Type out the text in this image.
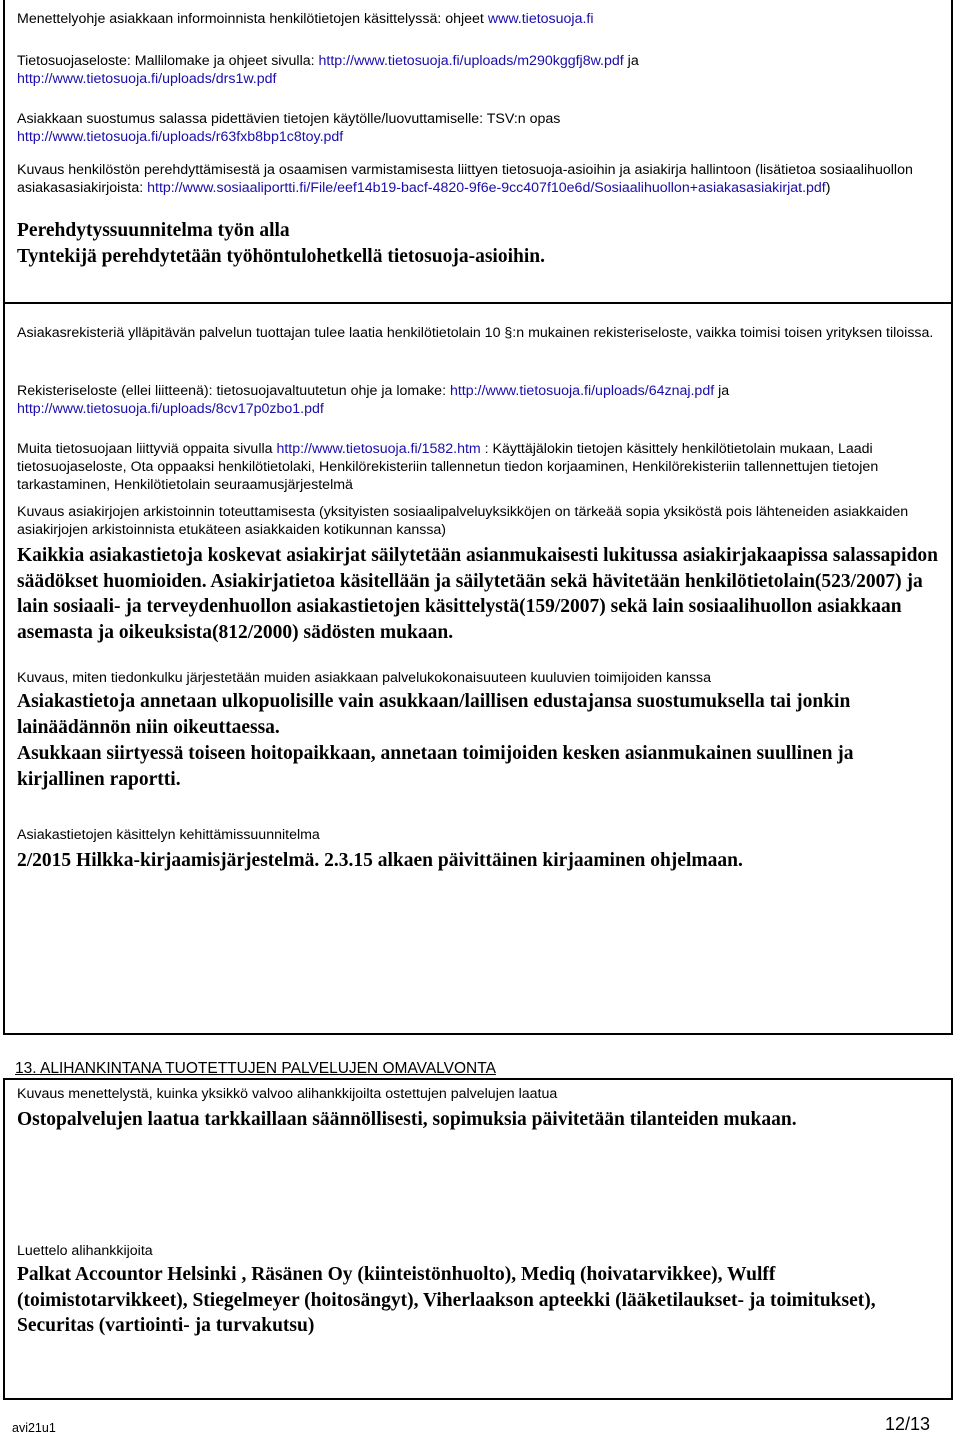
Menettelyohje asiakkaan informoinnista henkilötietojen käsittelyssä: ohjeet www.tietosuoja.fi

Tietosuojaseloste: Mallilomake ja ohjeet sivulla: http://www.tietosuoja.fi/uploads/m290kggfj8w.pdf ja
http://www.tietosuoja.fi/uploads/drs1w.pdf

Asiakkaan suostumus salassa pidettävien tietojen käytölle/luovuttamiselle: TSV:n opas
http://www.tietosuoja.fi/uploads/r63fxb8bp1c8toy.pdf

Kuvaus henkilöstön perehdyttämisestä ja osaamisen varmistamisesta liittyen tietosuoja-asioihin ja asiakirja hallintoon (lisätietoa sosiaalihuollon asiakasasiakirjoista: http://www.sosiaaliportti.fi/File/eef14b19-bacf-4820-9f6e-9cc407f10e6d/Sosiaalihuollon+asiakasasiakirjat.pdf)

Perehdytyssuunnitelma työn alla

Tyntekijä perehdytetään työhöntulohetkellä tietosuoja-asioihin.

Asiakasrekisteriä ylläpitävän palvelun tuottajan tulee laatia henkilötietolain 10 §:n mukainen rekisteriseloste, vaikka toimisi toisen yrityksen tiloissa.

Rekisteriseloste (ellei liitteenä): tietosuojavaltuutetun ohje ja lomake: http://www.tietosuoja.fi/uploads/64znaj.pdf ja
http://www.tietosuoja.fi/uploads/8cv17p0zbo1.pdf

Muita tietosuojaan liittyviä oppaita sivulla http://www.tietosuoja.fi/1582.htm : Käyttäjälokin tietojen käsittely henkilötietolain mukaan, Laadi tietosuojaseloste, Ota oppaaksi henkilötietolaki, Henkilörekisteriin tallennetun tiedon korjaaminen, Henkilörekisteriin tallennettujen tietojen tarkastaminen, Henkilötietolain seuraamusjärjestelmä

Kuvaus asiakirjojen arkistoinnin toteuttamisesta (yksityisten sosiaalipalveluyksikköjen on tärkeää sopia yksiköstä pois lähteneiden asiakkaiden asiakirjojen arkistoinnista etukäteen asiakkaiden kotikunnan kanssa)

Kaikkia asiakastietoja koskevat asiakirjat säilytetään asianmukaisesti lukitussa asiakirjakaapissa salassapidon säädökset huomioiden. Asiakirjatietoa käsitellään ja säilytetään sekä hävitetään henkilötietolain(523/2007) ja lain sosiaali- ja terveydenhuollon asiakastietojen käsittelystä(159/2007) sekä lain sosiaalihuollon asiakkaan asemasta ja oikeuksista(812/2000) sädösten mukaan.

Kuvaus, miten tiedonkulku järjestetään muiden asiakkaan palvelukokonaisuuteen kuuluvien toimijoiden kanssa

Asiakastietoja annetaan ulkopuolisille vain asukkaan/laillisen edustajansa suostumuksella tai jonkin lainäädännön niin oikeuttaessa.

Asukkaan siirtyessä toiseen hoitopaikkaan, annetaan toimijoiden kesken asianmukainen suullinen ja kirjallinen raportti.

Asiakastietojen käsittelyn kehittämissuunnitelma

2/2015 Hilkka-kirjaamisjärjestelmä. 2.3.15 alkaen päivittäinen kirjaaminen ohjelmaan.

13. ALIHANKINTANA TUOTETTUJEN PALVELUJEN OMAVALVONTA

Kuvaus menettelystä, kuinka yksikkö valvoo alihankkijoilta ostettujen palvelujen laatua

Ostopalvelujen laatua tarkkaillaan säännöllisesti, sopimuksia päivitetään tilanteiden mukaan.

Luettelo alihankkijoita

Palkat Accountor Helsinki , Räsänen Oy (kiinteistönhuolto), Mediq (hoivatarvikkee), Wulff (toimistotarvikkeet), Stiegelmeyer (hoitosängyt), Viherlaakson apteekki (lääketilaukset- ja toimitukset), Securitas (vartiointi- ja turvakutsu)

avi21u1	12/13
